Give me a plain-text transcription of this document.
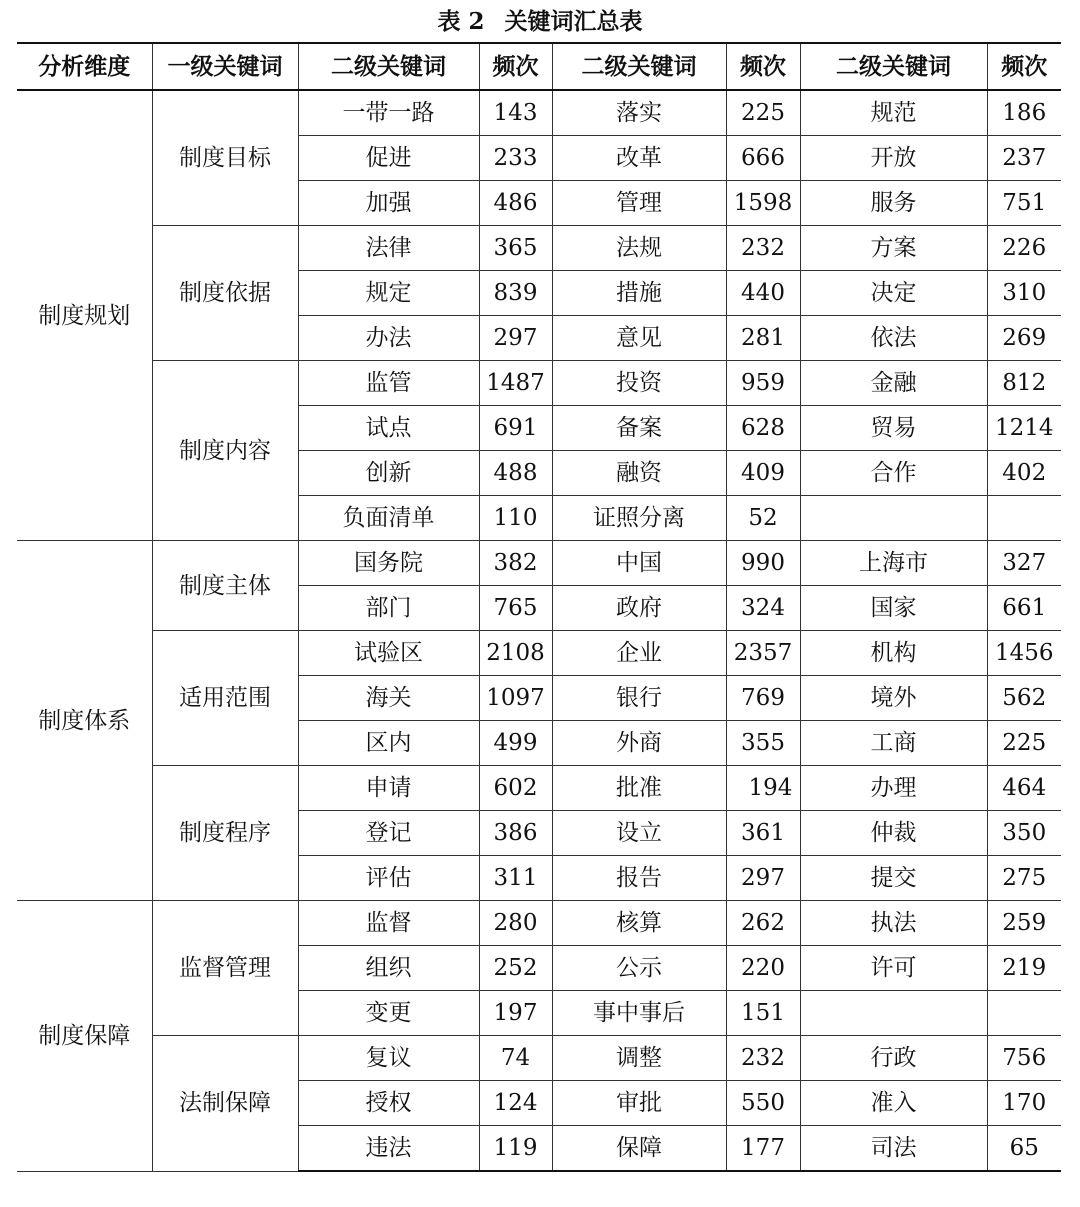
表 2 关键词汇总表
分析维度	一级关键词	二级关键词	频次	二级关键词	频次	二级关键词	频次
制度规划	制度目标	一带一路	143	落实	225	规范	186
		促进	233	改革	666	开放	237
		加强	486	管理	1598	服务	751
	制度依据	法律	365	法规	232	方案	226
		规定	839	措施	440	决定	310
		办法	297	意见	281	依法	269
	制度内容	监管	1487	投资	959	金融	812
		试点	691	备案	628	贸易	1214
		创新	488	融资	409	合作	402
		负面清单	110	证照分离	52		
制度体系	制度主体	国务院	382	中国	990	上海市	327
		部门	765	政府	324	国家	661
	适用范围	试验区	2108	企业	2357	机构	1456
		海关	1097	银行	769	境外	562
		区内	499	外商	355	工商	225
	制度程序	申请	602	批准	194	办理	464
		登记	386	设立	361	仲裁	350
		评估	311	报告	297	提交	275
制度保障	监督管理	监督	280	核算	262	执法	259
		组织	252	公示	220	许可	219
		变更	197	事中事后	151		
	法制保障	复议	74	调整	232	行政	756
		授权	124	审批	550	准入	170
		违法	119	保障	177	司法	65
